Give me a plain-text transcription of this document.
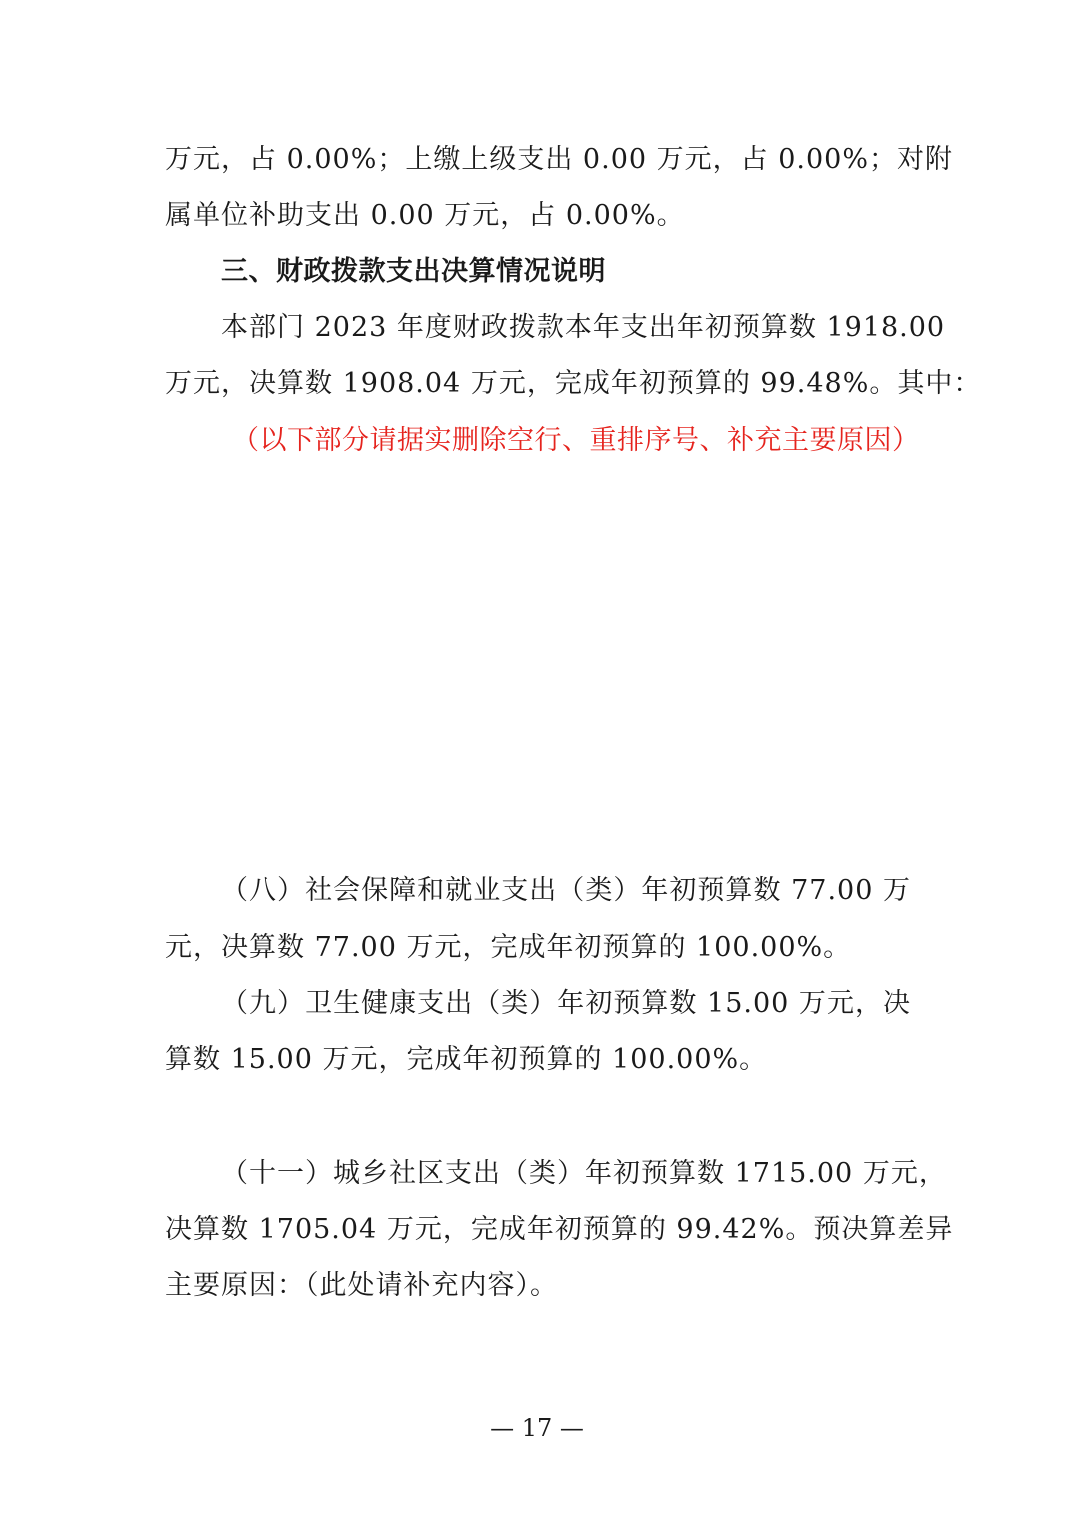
万元，占 0.00%；上缴上级支出 0.00 万元，占 0.00%；对附
属单位补助支出 0.00 万元，占 0.00%。
三、财政拨款支出决算情况说明
本部门 2023 年度财政拨款本年支出年初预算数 1918.00
万元，决算数 1908.04 万元，完成年初预算的 99.48%。其中：
（以下部分请据实删除空行、重排序号、补充主要原因）
（八）社会保障和就业支出（类）年初预算数 77.00 万
元，决算数 77.00 万元，完成年初预算的 100.00%。
（九）卫生健康支出（类）年初预算数 15.00 万元，决
算数 15.00 万元，完成年初预算的 100.00%。
（十一）城乡社区支出（类）年初预算数 1715.00 万元，
决算数 1705.04 万元，完成年初预算的 99.42%。预决算差异
主要原因：（此处请补充内容）。
— 17 —
